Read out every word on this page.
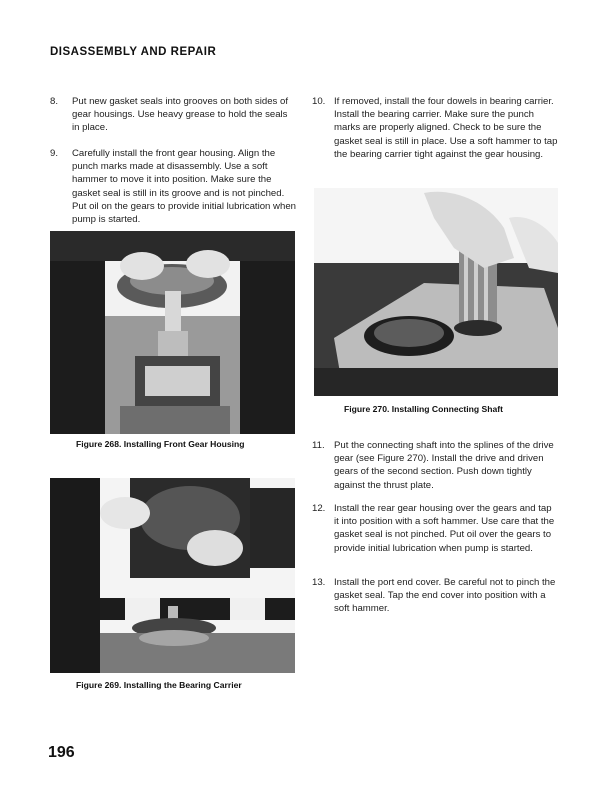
DISASSEMBLY AND REPAIR
8.	Put new gasket seals into grooves on both sides of gear housings. Use heavy grease to hold the seals in place.
9.	Carefully install the front gear housing. Align the punch marks made at disassembly. Use a soft hammer to move it into position. Make sure the gasket seal is still in its groove and is not pinched. Put oil on the gears to provide initial lubrication when pump is started.
10. If removed, install the four dowels in bearing carrier. Install the bearing carrier. Make sure the punch marks are properly aligned. Check to be sure the gasket seal is still in place. Use a soft hammer to tap the bearing carrier tight against the gear housing.
11. Put the connecting shaft into the splines of the drive gear (see Figure 270). Install the drive and driven gears of the second section. Push down tightly against the thrust plate.
12. Install the rear gear housing over the gears and tap it into position with a soft hammer. Use care that the gasket seal is not pinched. Put oil over the gears to provide initial lubrication when pump is started.
13. Install the port end cover. Be careful not to pinch the gasket seal. Tap the end cover into position with a soft hammer.
Figure 268. Installing Front Gear Housing
Figure 269. Installing the Bearing Carrier
Figure 270. Installing Connecting Shaft
196
